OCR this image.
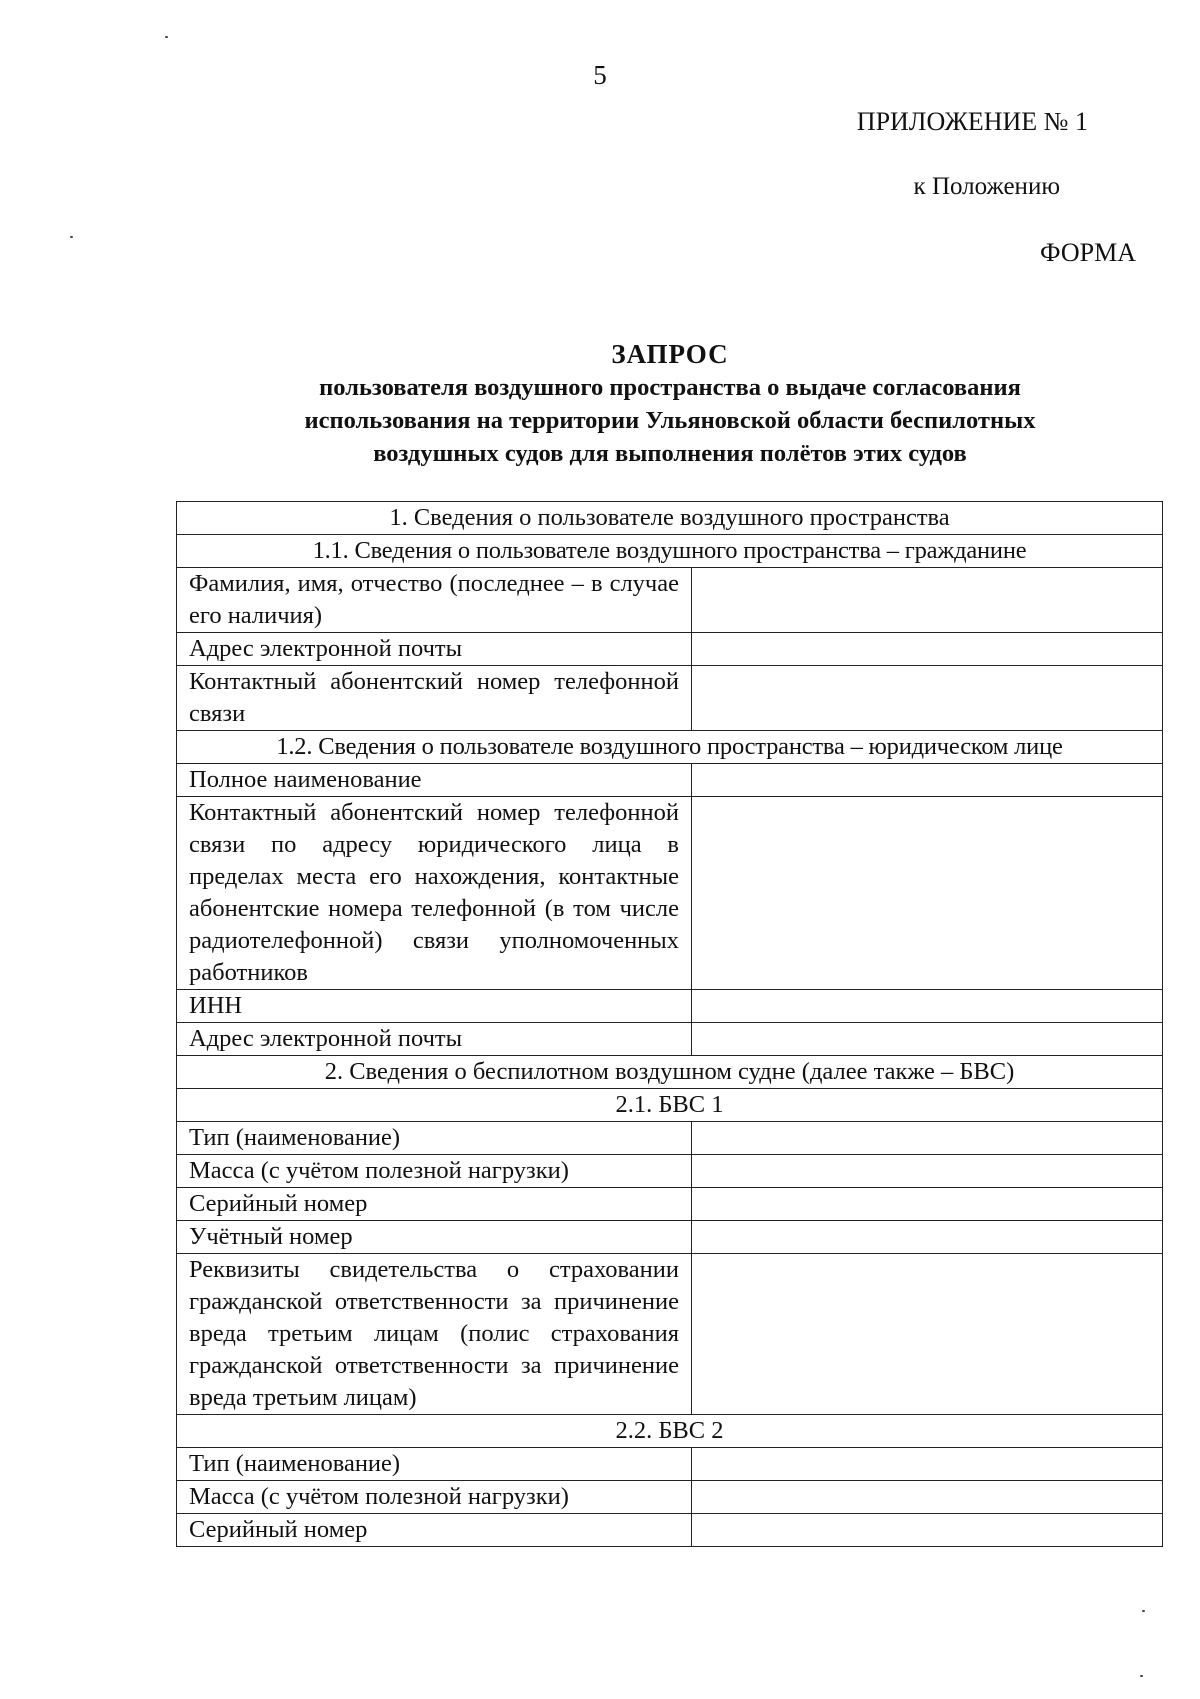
5
ПРИЛОЖЕНИЕ № 1
к Положению
ФОРМА
ЗАПРОС
пользователя воздушного пространства о выдаче согласования
использования на территории Ульяновской области беспилотных
воздушных судов для выполнения полётов этих судов
1. Сведения о пользователе воздушного пространства	
1.1. Сведения о пользователе воздушного пространства – гражданине	
Фамилия, имя, отчество (последнее – в случае его наличия)	
Адрес электронной почты	
Контактный абонентский номер телефонной связи	
1.2. Сведения о пользователе воздушного пространства – юридическом лице	
Полное наименование	
Контактный абонентский номер телефонной связи по адресу юридического лица в пределах места его нахождения, контактные абонентские номера телефонной (в том числе радиотелефонной) связи уполномоченных работников	
ИНН	
Адрес электронной почты	
2. Сведения о беспилотном воздушном судне (далее также – БВС)	
2.1. БВС 1	
Тип (наименование)	
Масса (с учётом полезной нагрузки)	
Серийный номер	
Учётный номер	
Реквизиты свидетельства о страховании гражданской ответственности за причинение вреда третьим лицам (полис страхования гражданской ответственности за причинение вреда третьим лицам)	
2.2. БВС 2	
Тип (наименование)	
Масса (с учётом полезной нагрузки)	
Серийный номер	
